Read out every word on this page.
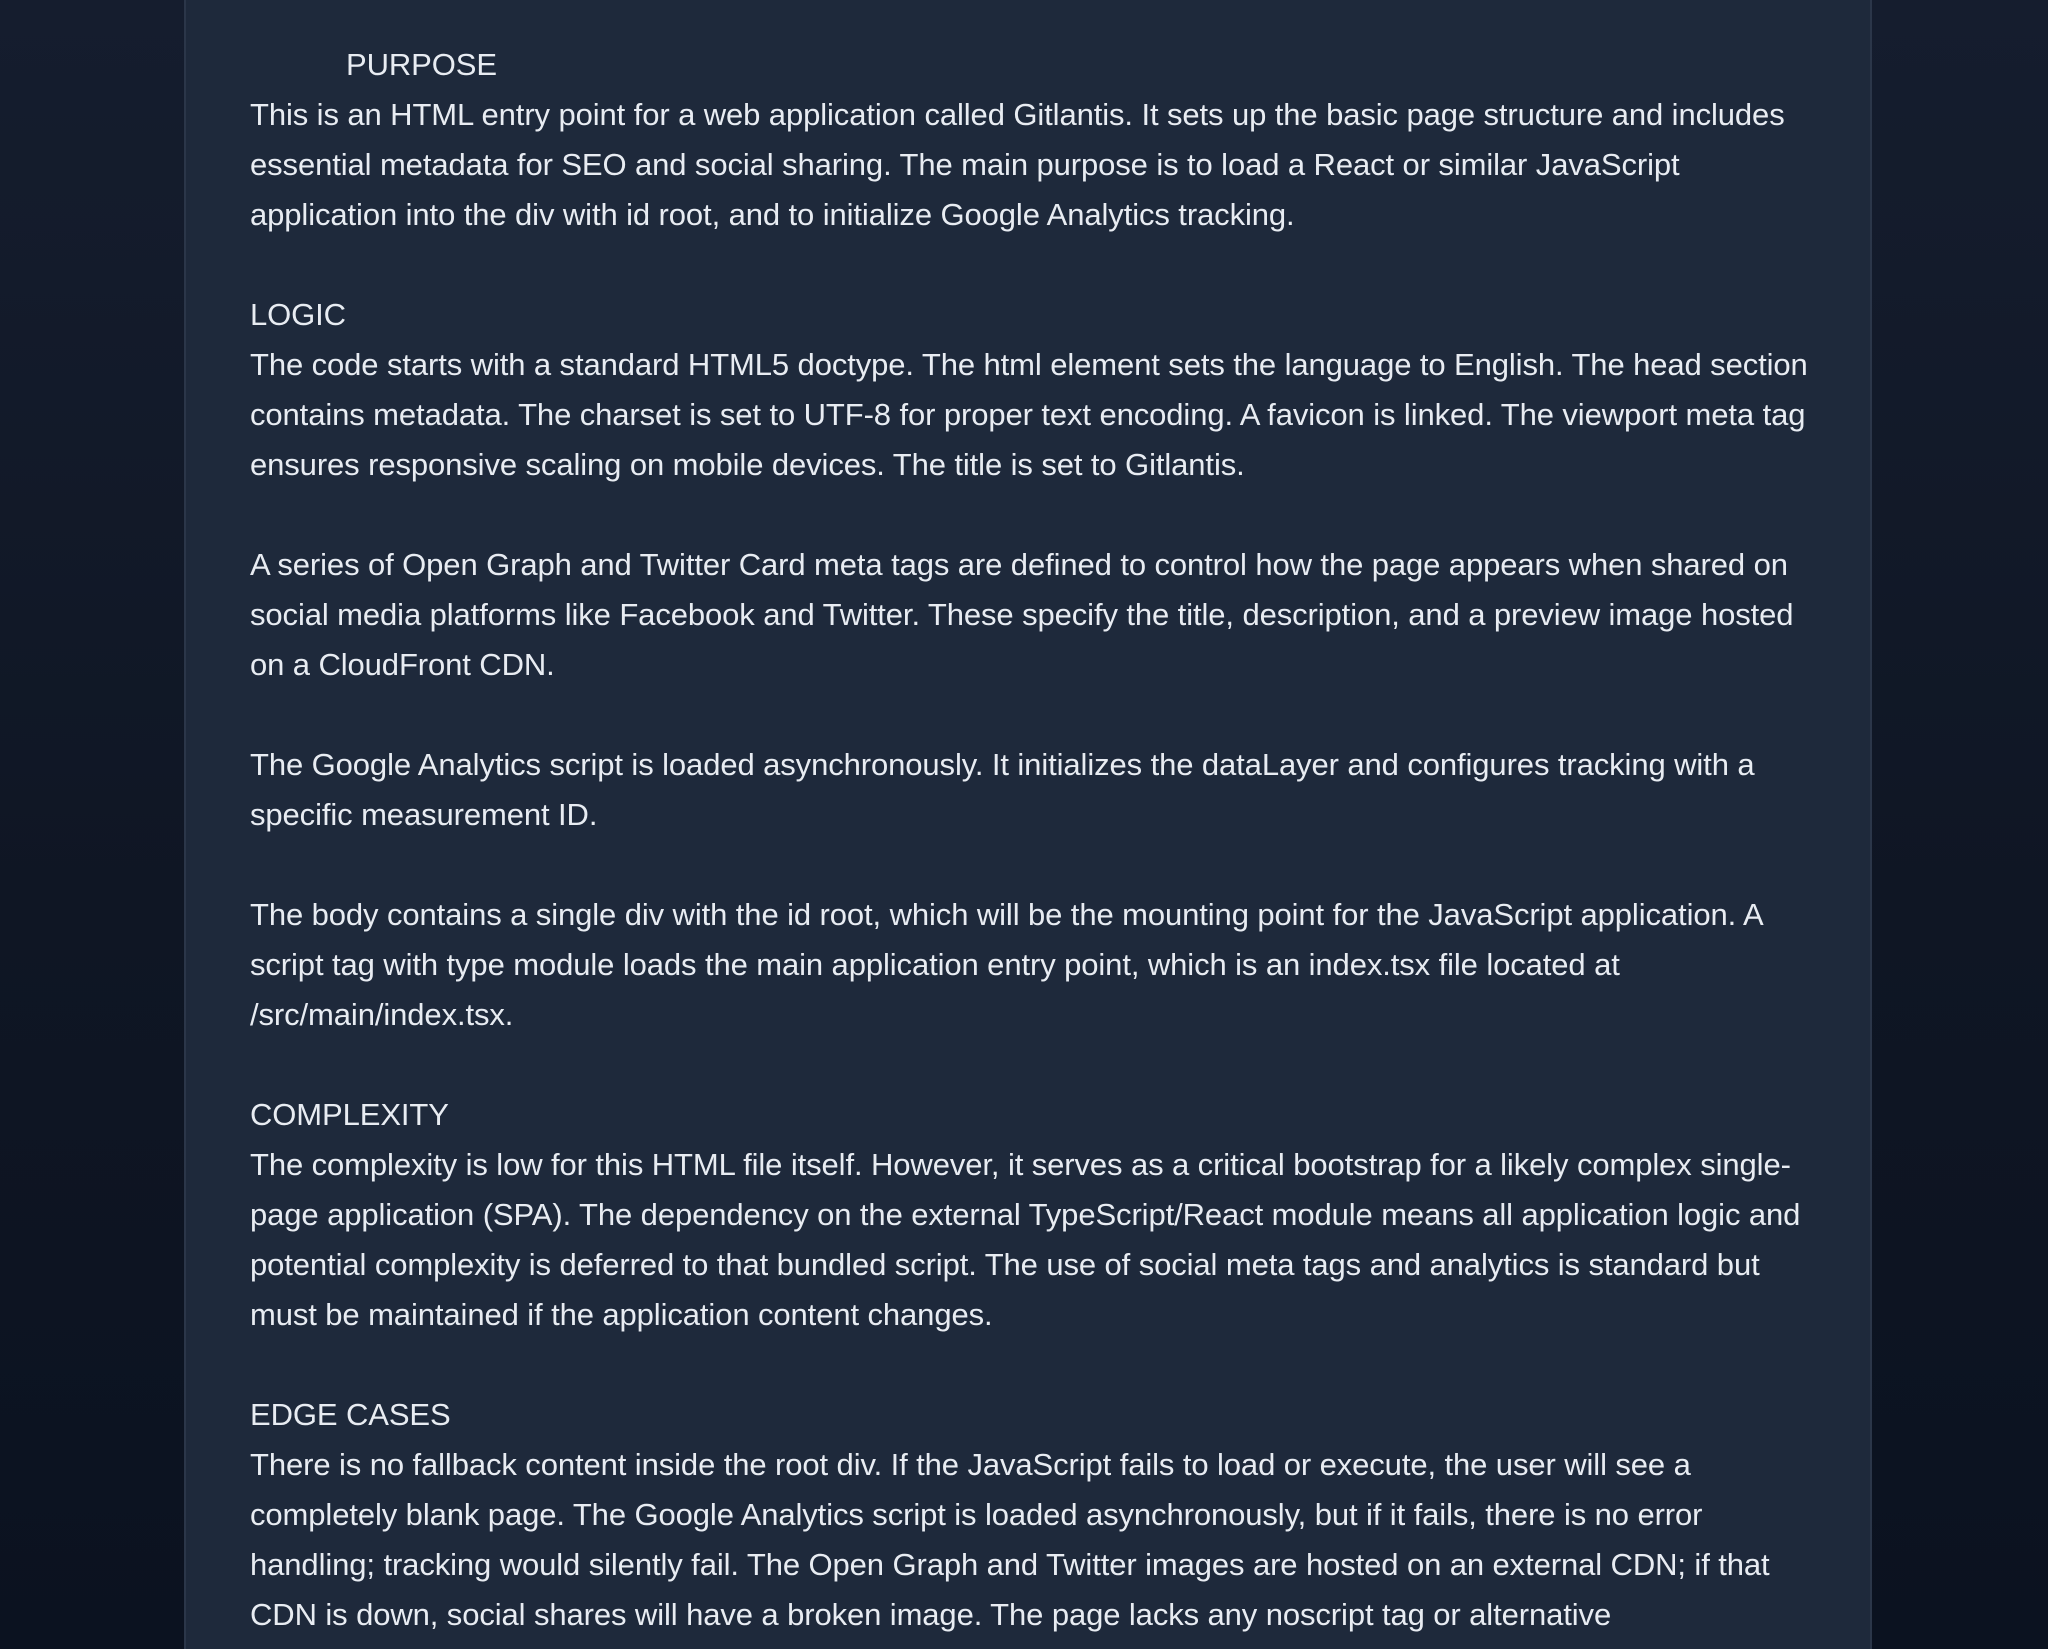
PURPOSE

This is an HTML entry point for a web application called Gitlantis. It sets up the basic page structure and includes essential metadata for SEO and social sharing. The main purpose is to load a React or similar JavaScript application into the div with id root, and to initialize Google Analytics tracking.

LOGIC

The code starts with a standard HTML5 doctype. The html element sets the language to English. The head section contains metadata. The charset is set to UTF-8 for proper text encoding. A favicon is linked. The viewport meta tag ensures responsive scaling on mobile devices. The title is set to Gitlantis.

A series of Open Graph and Twitter Card meta tags are defined to control how the page appears when shared on social media platforms like Facebook and Twitter. These specify the title, description, and a preview image hosted on a CloudFront CDN.

The Google Analytics script is loaded asynchronously. It initializes the dataLayer and configures tracking with a specific measurement ID.

The body contains a single div with the id root, which will be the mounting point for the JavaScript application. A script tag with type module loads the main application entry point, which is an index.tsx file located at /src/main/index.tsx.

COMPLEXITY

The complexity is low for this HTML file itself. However, it serves as a critical bootstrap for a likely complex single-page application (SPA). The dependency on the external TypeScript/React module means all application logic and potential complexity is deferred to that bundled script. The use of social meta tags and analytics is standard but must be maintained if the application content changes.

EDGE CASES

There is no fallback content inside the root div. If the JavaScript fails to load or execute, the user will see a completely blank page. The Google Analytics script is loaded asynchronously, but if it fails, there is no error handling; tracking would silently fail. The Open Graph and Twitter images are hosted on an external CDN; if that CDN is down, social shares will have a broken image. The page lacks any noscript tag or alternative
